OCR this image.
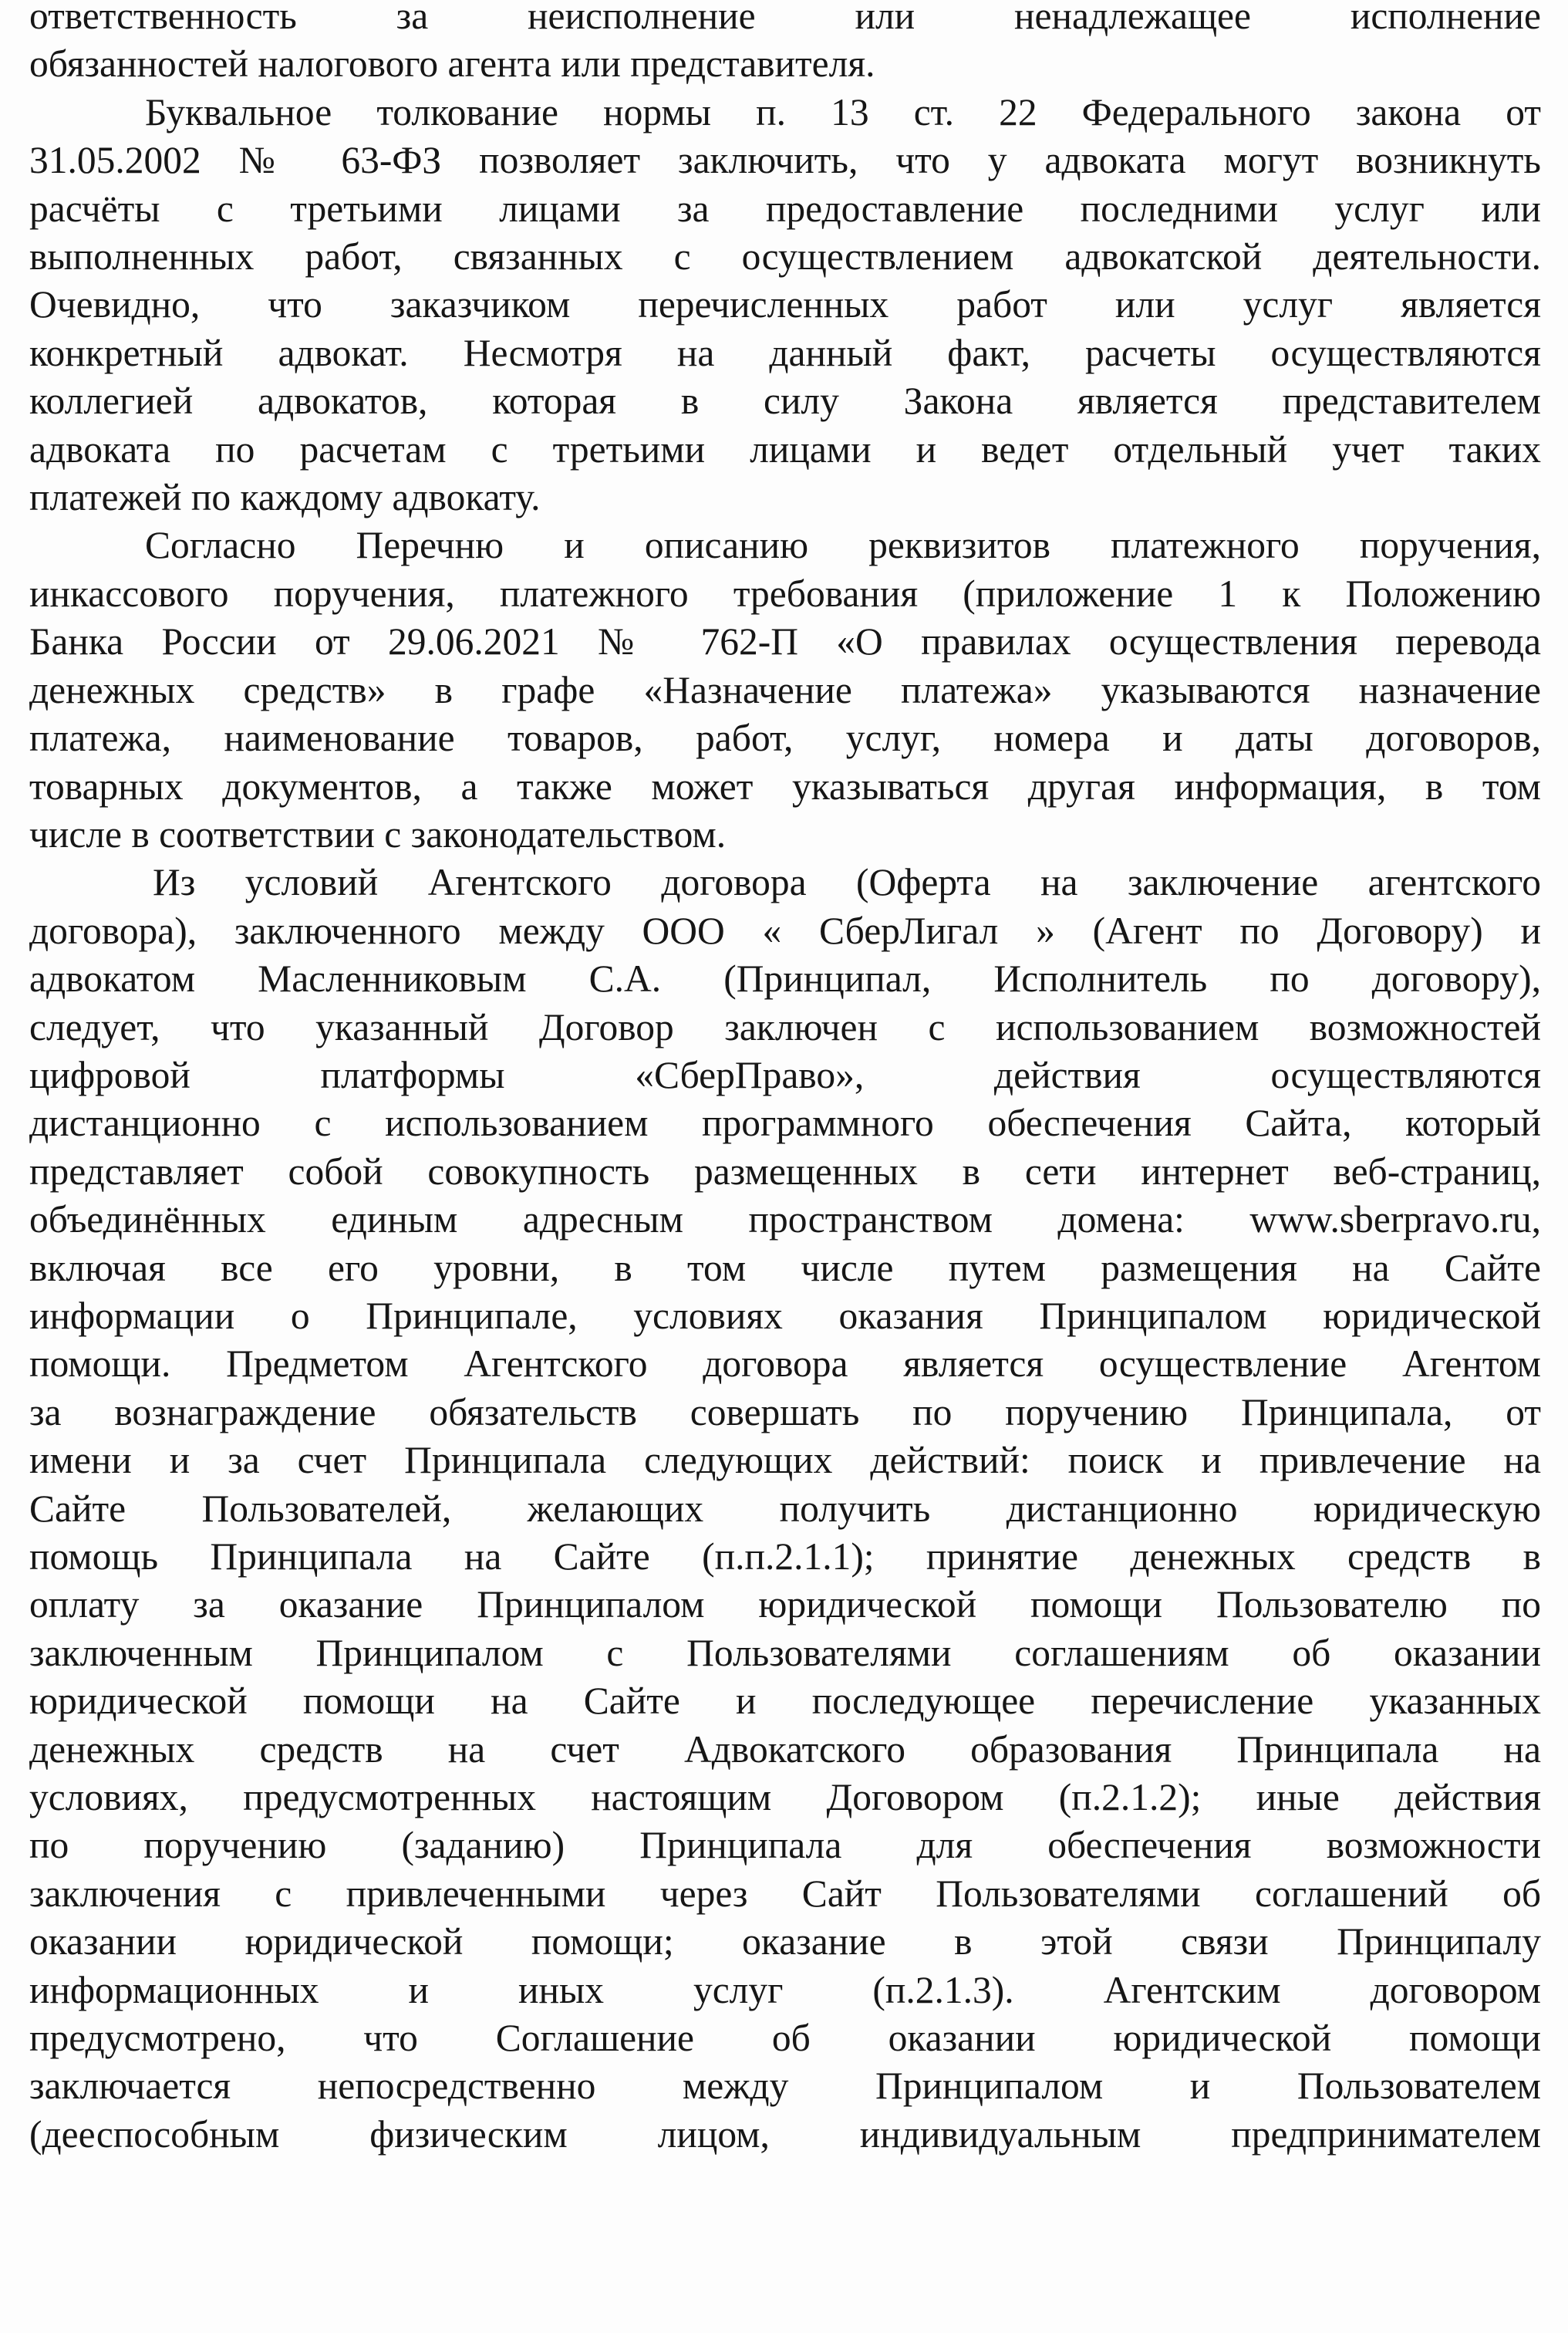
ответственность за неисполнение или ненадлежащее исполнение
обязанностей налогового агента или представителя.
Буквальное толкование нормы п. 13 ст. 22 Федерального закона от
31.05.2002 № 63-ФЗ позволяет заключить, что у адвоката могут возникнуть
расчёты с третьими лицами за предоставление последними услуг или
выполненных работ, связанных с осуществлением адвокатской деятельности.
Очевидно, что заказчиком перечисленных работ или услуг является
конкретный адвокат. Несмотря на данный факт, расчеты осуществляются
коллегией адвокатов, которая в силу Закона является представителем
адвоката по расчетам с третьими лицами и ведет отдельный учет таких
платежей по каждому адвокату.
Согласно Перечню и описанию реквизитов платежного поручения,
инкассового поручения, платежного требования (приложение 1 к Положению
Банка России от 29.06.2021 № 762-П «О правилах осуществления перевода
денежных средств» в графе «Назначение платежа» указываются назначение
платежа, наименование товаров, работ, услуг, номера и даты договоров,
товарных документов, а также может указываться другая информация, в том
числе в соответствии с законодательством.
Из условий Агентского договора (Оферта на заключение агентского
договора), заключенного между ООО « СберЛигал » (Агент по Договору) и
адвокатом Масленниковым С.А. (Принципал, Исполнитель по договору),
следует, что указанный Договор заключен с использованием возможностей
цифровой платформы «СберПраво», действия осуществляются
дистанционно с использованием программного обеспечения Сайта, который
представляет собой совокупность размещенных в сети интернет веб-страниц,
объединённых единым адресным пространством домена: www.sberpravo.ru,
включая все его уровни, в том числе путем размещения на Сайте
информации о Принципале, условиях оказания Принципалом юридической
помощи. Предметом Агентского договора является осуществление Агентом
за вознаграждение обязательств совершать по поручению Принципала, от
имени и за счет Принципала следующих действий: поиск и привлечение на
Сайте Пользователей, желающих получить дистанционно юридическую
помощь Принципала на Сайте (п.п.2.1.1); принятие денежных средств в
оплату за оказание Принципалом юридической помощи Пользователю по
заключенным Принципалом с Пользователями соглашениям об оказании
юридической помощи на Сайте и последующее перечисление указанных
денежных средств на счет Адвокатского образования Принципала на
условиях, предусмотренных настоящим Договором (п.2.1.2); иные действия
по поручению (заданию) Принципала для обеспечения возможности
заключения с привлеченными через Сайт Пользователями соглашений об
оказании юридической помощи; оказание в этой связи Принципалу
информационных и иных услуг (п.2.1.3). Агентским договором
предусмотрено, что Соглашение об оказании юридической помощи
заключается непосредственно между Принципалом и Пользователем
(дееспособным физическим лицом, индивидуальным предпринимателем
